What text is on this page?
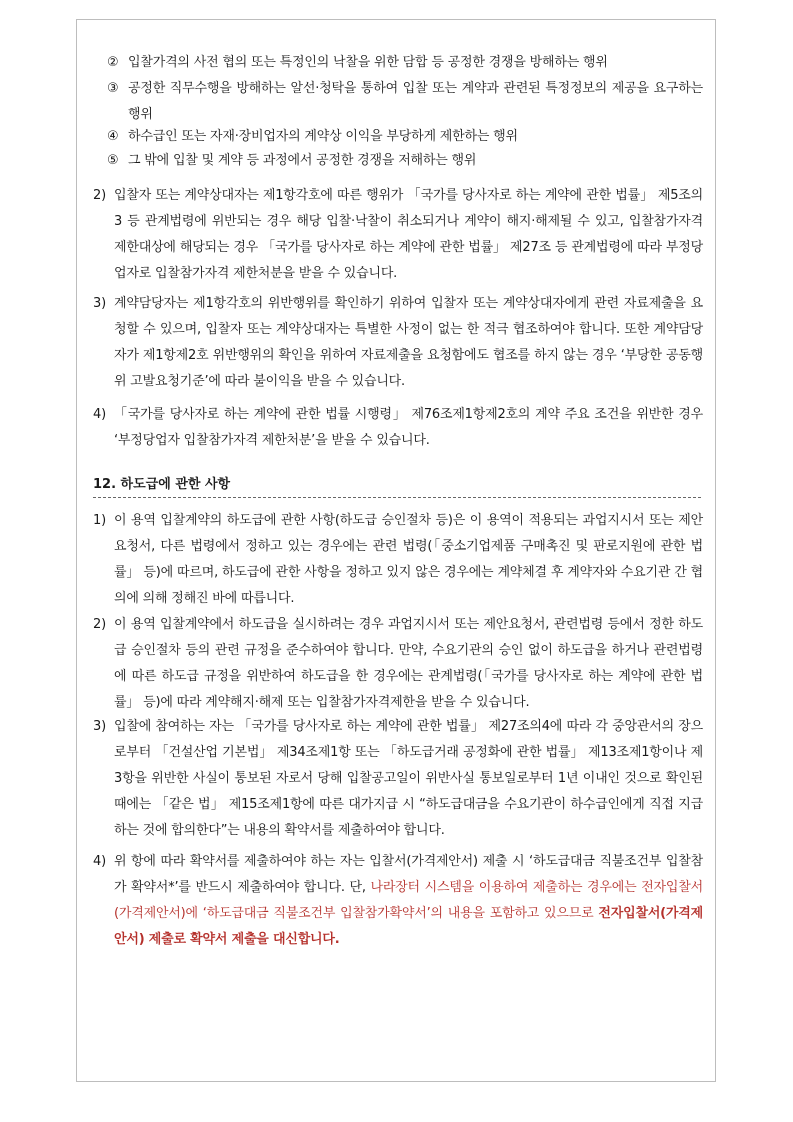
② 입찰가격의 사전 협의 또는 특정인의 낙찰을 위한 담합 등 공정한 경쟁을 방해하는 행위
③ 공정한 직무수행을 방해하는 알선·청탁을 통하여 입찰 또는 계약과 관련된 특정정보의 제공을 요구하는 행위
④ 하수급인 또는 자재·장비업자의 계약상 이익을 부당하게 제한하는 행위
⑤ 그 밖에 입찰 및 계약 등 과정에서 공정한 경쟁을 저해하는 행위
2) 입찰자 또는 계약상대자는 제1항각호에 따른 행위가 「국가를 당사자로 하는 계약에 관한 법률」 제5조의3 등 관계법령에 위반되는 경우 해당 입찰·낙찰이 취소되거나 계약이 해지·해제될 수 있고, 입찰참가자격 제한대상에 해당되는 경우 「국가를 당사자로 하는 계약에 관한 법률」 제27조 등 관계법령에 따라 부정당업자로 입찰참가자격 제한처분을 받을 수 있습니다.
3) 계약담당자는 제1항각호의 위반행위를 확인하기 위하여 입찰자 또는 계약상대자에게 관련 자료제출을 요청할 수 있으며, 입찰자 또는 계약상대자는 특별한 사정이 없는 한 적극 협조하여야 합니다. 또한 계약담당자가 제1항제2호 위반행위의 확인을 위하여 자료제출을 요청함에도 협조를 하지 않는 경우 ‘부당한 공동행위 고발요청기준’에 따라 불이익을 받을 수 있습니다.
4) 「국가를 당사자로 하는 계약에 관한 법률 시행령」 제76조제1항제2호의 계약 주요 조건을 위반한 경우 ‘부정당업자 입찰참가자격 제한처분’을 받을 수 있습니다.
12. 하도급에 관한 사항
1) 이 용역 입찰계약의 하도급에 관한 사항(하도급 승인절차 등)은 이 용역이 적용되는 과업지시서 또는 제안요청서, 다른 법령에서 정하고 있는 경우에는 관련 법령(「중소기업제품 구매촉진 및 판로지원에 관한 법률」 등)에 따르며, 하도급에 관한 사항을 정하고 있지 않은 경우에는 계약체결 후 계약자와 수요기관 간 협의에 의해 정해진 바에 따릅니다.
2) 이 용역 입찰계약에서 하도급을 실시하려는 경우 과업지시서 또는 제안요청서, 관련법령 등에서 정한 하도급 승인절차 등의 관련 규정을 준수하여야 합니다. 만약, 수요기관의 승인 없이 하도급을 하거나 관련법령에 따른 하도급 규정을 위반하여 하도급을 한 경우에는 관계법령(「국가를 당사자로 하는 계약에 관한 법률」 등)에 따라 계약해지·해제 또는 입찰참가자격제한을 받을 수 있습니다.
3) 입찰에 참여하는 자는 「국가를 당사자로 하는 계약에 관한 법률」 제27조의4에 따라 각 중앙관서의 장으로부터 「건설산업 기본법」 제34조제1항 또는 「하도급거래 공정화에 관한 법률」 제13조제1항이나 제3항을 위반한 사실이 통보된 자로서 당해 입찰공고일이 위반사실 통보일로부터 1년 이내인 것으로 확인된 때에는 「같은 법」 제15조제1항에 따른 대가지급 시 “하도급대금을 수요기관이 하수급인에게 직접 지급하는 것에 합의한다”는 내용의 확약서를 제출하여야 합니다.
4) 위 항에 따라 확약서를 제출하여야 하는 자는 입찰서(가격제안서) 제출 시 ‘하도급대금 직불조건부 입찰참가 확약서*’를 반드시 제출하여야 합니다. 단, 나라장터 시스템을 이용하여 제출하는 경우에는 전자입찰서(가격제안서)에 ‘하도급대금 직불조건부 입찰참가확약서’의 내용을 포함하고 있으므로 전자입찰서(가격제안서) 제출로 확약서 제출을 대신합니다.
